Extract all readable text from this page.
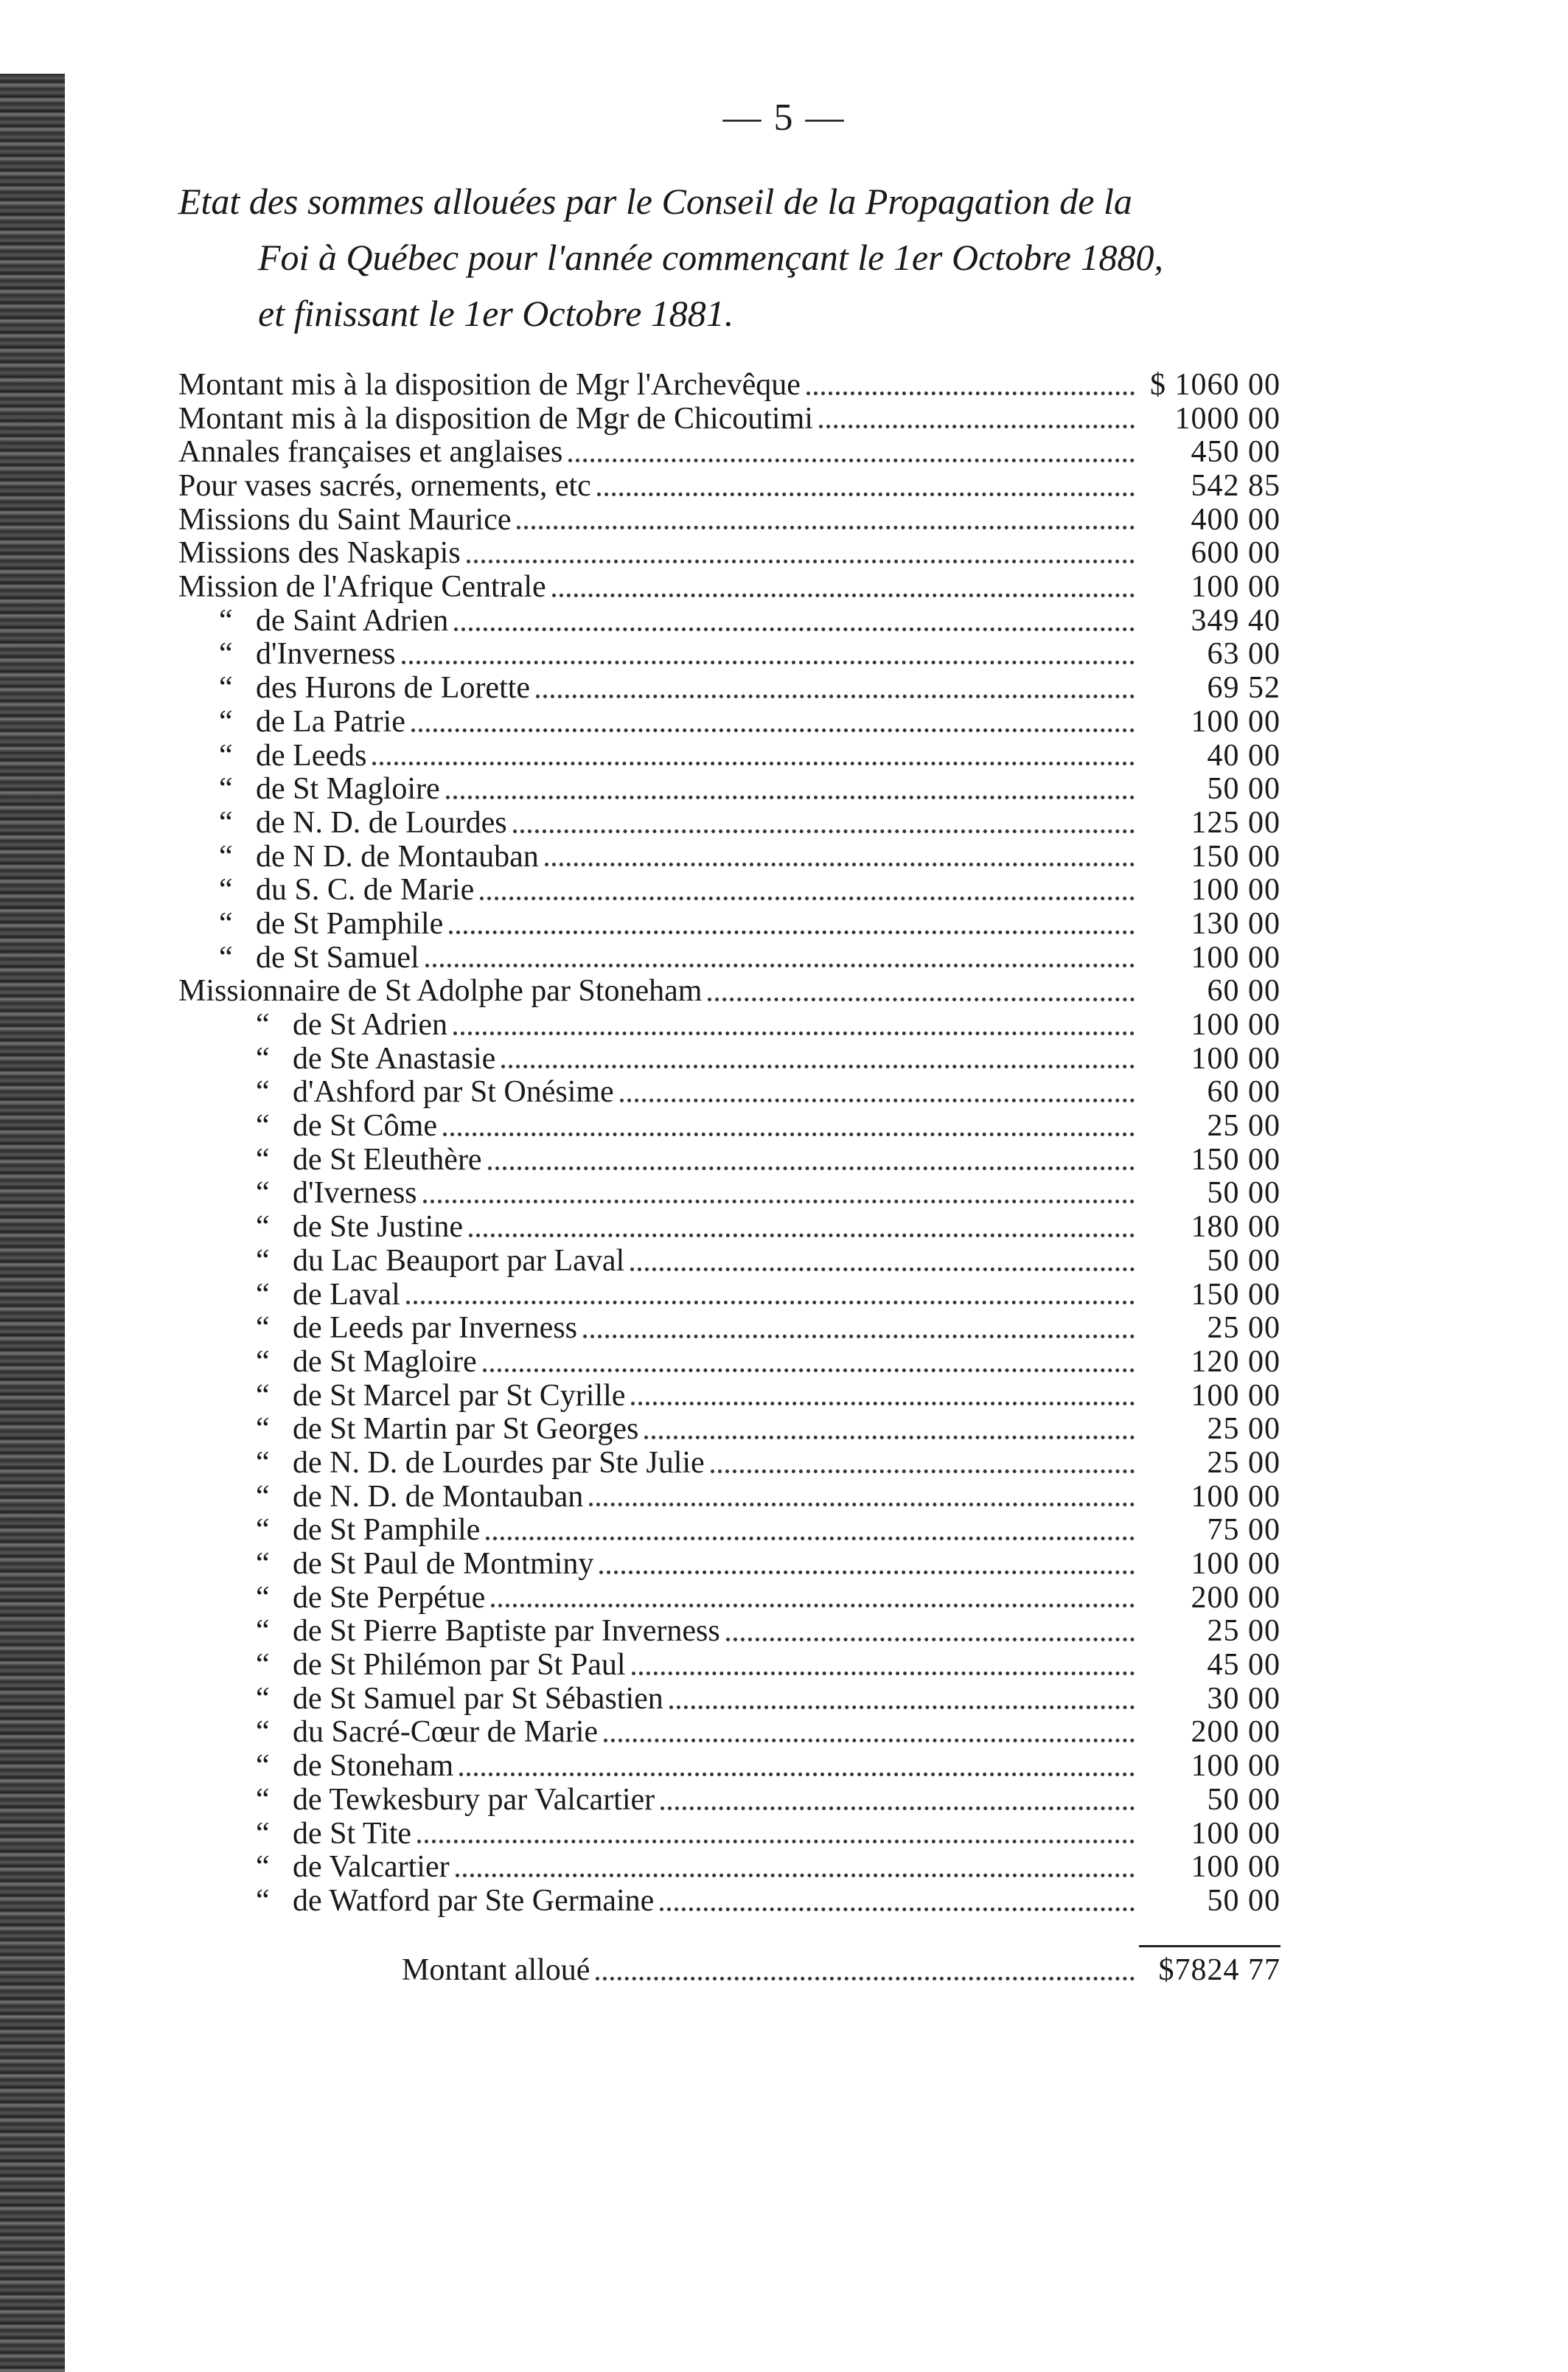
— 5 —
Etat des sommes allouées par le Conseil de la Propagation de la
Foi à Québec pour l'année commençant le 1er Octobre 1880,
et finissant le 1er Octobre 1881.
Montant mis à la disposition de Mgr l'Archevêque	$ 1060 00
Montant mis à la disposition de Mgr de Chicoutimi	1000 00
Annales françaises et anglaises	450 00
Pour vases sacrés, ornements, etc	542 85
Missions du Saint Maurice	400 00
Missions des Naskapis	600 00
Mission de l'Afrique Centrale	100 00
“ de Saint Adrien	349 40
“ d'Inverness	63 00
“ des Hurons de Lorette	69 52
“ de La Patrie	100 00
“ de Leeds	40 00
“ de St Magloire	50 00
“ de N. D. de Lourdes	125 00
“ de N D. de Montauban	150 00
“ du S. C. de Marie	100 00
“ de St Pamphile	130 00
“ de St Samuel	100 00
Missionnaire de St Adolphe par Stoneham	60 00
“ de St Adrien	100 00
“ de Ste Anastasie	100 00
“ d'Ashford par St Onésime	60 00
“ de St Côme	25 00
“ de St Eleuthère	150 00
“ d'Iverness	50 00
“ de Ste Justine	180 00
“ du Lac Beauport par Laval	50 00
“ de Laval	150 00
“ de Leeds par Inverness	25 00
“ de St Magloire	120 00
“ de St Marcel par St Cyrille	100 00
“ de St Martin par St Georges	25 00
“ de N. D. de Lourdes par Ste Julie	25 00
“ de N. D. de Montauban	100 00
“ de St Pamphile	75 00
“ de St Paul de Montminy	100 00
“ de Ste Perpétue	200 00
“ de St Pierre Baptiste par Inverness	25 00
“ de St Philémon par St Paul	45 00
“ de St Samuel par St Sébastien	30 00
“ du Sacré-Cœur de Marie	200 00
“ de Stoneham	100 00
“ de Tewkesbury par Valcartier	50 00
“ de St Tite	100 00
“ de Valcartier	100 00
“ de Watford par Ste Germaine	50 00
Montant alloué	$7824 77
